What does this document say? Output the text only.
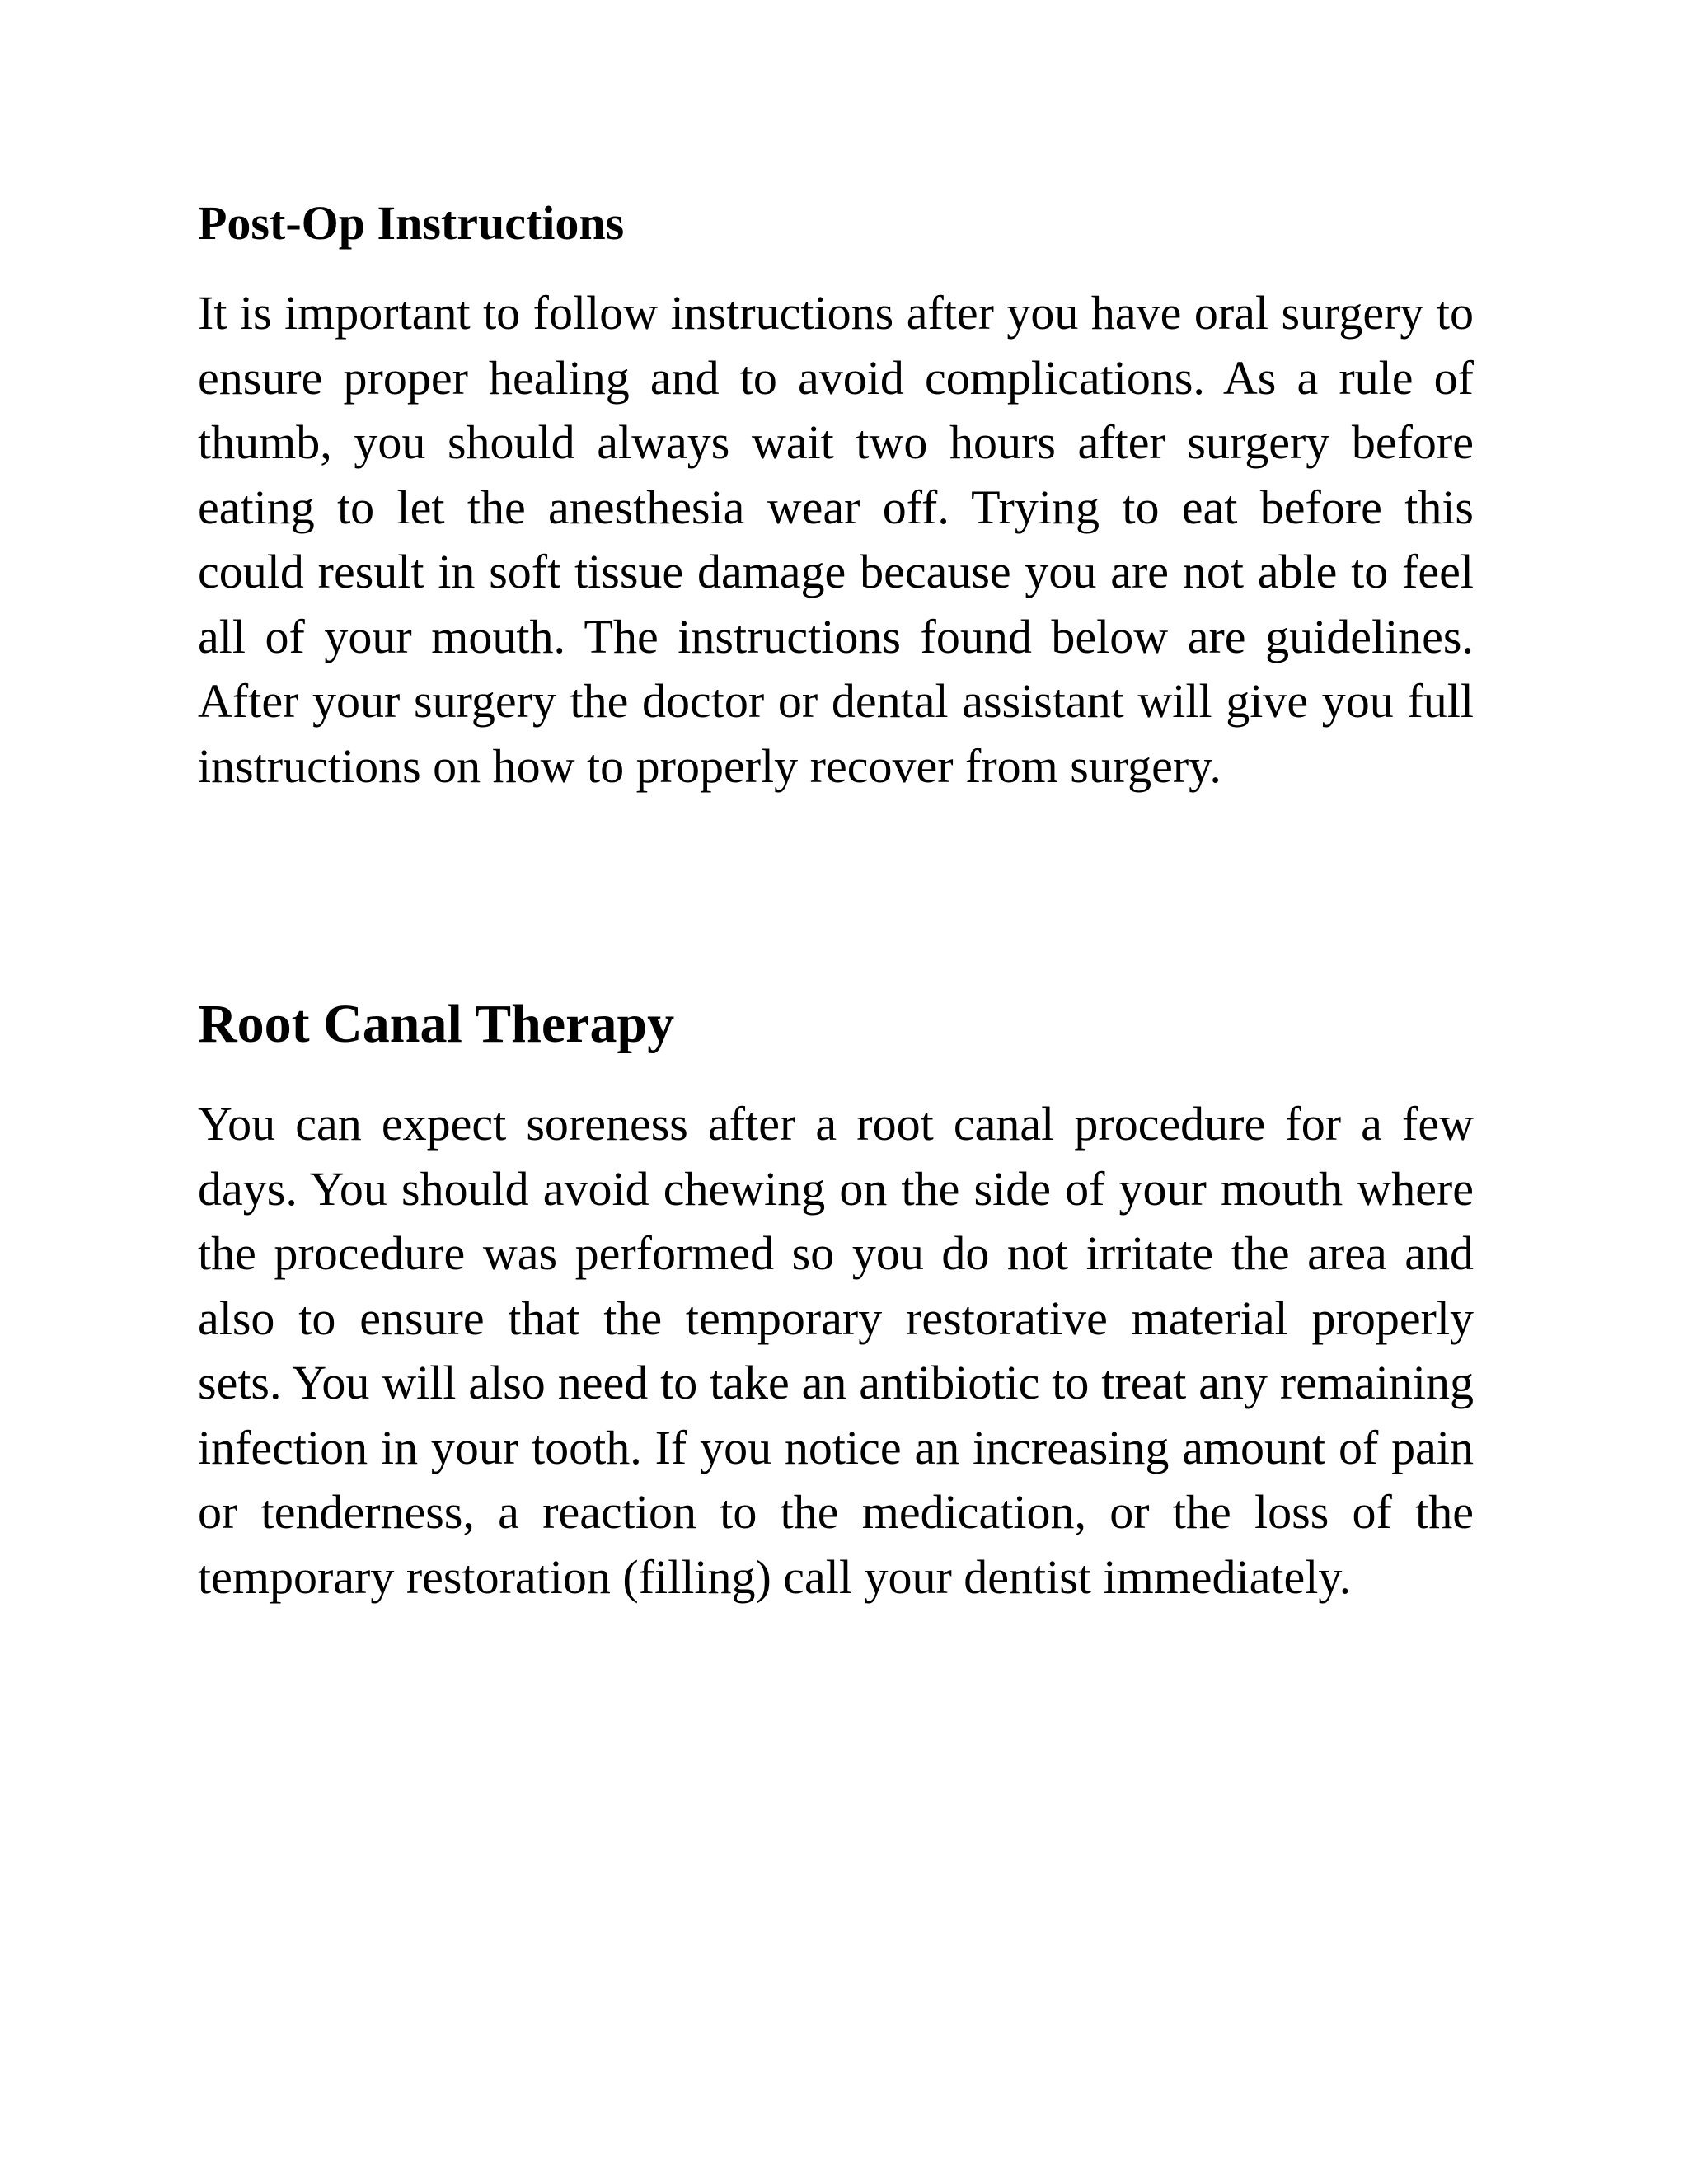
Post-Op Instructions

It is important to follow instructions after you have oral surgery to ensure proper healing and to avoid complications. As a rule of thumb, you should always wait two hours after surgery before eating to let the anesthesia wear off. Trying to eat before this could result in soft tissue damage because you are not able to feel all of your mouth. The instructions found below are guidelines. After your surgery the doctor or dental assistant will give you full instructions on how to properly recover from surgery.

Root Canal Therapy

You can expect soreness after a root canal procedure for a few days. You should avoid chewing on the side of your mouth where the procedure was performed so you do not irritate the area and also to ensure that the temporary restorative material properly sets. You will also need to take an antibiotic to treat any remaining infection in your tooth. If you notice an increasing amount of pain or tenderness, a reaction to the medication, or the loss of the temporary restoration (filling) call your dentist immediately.
